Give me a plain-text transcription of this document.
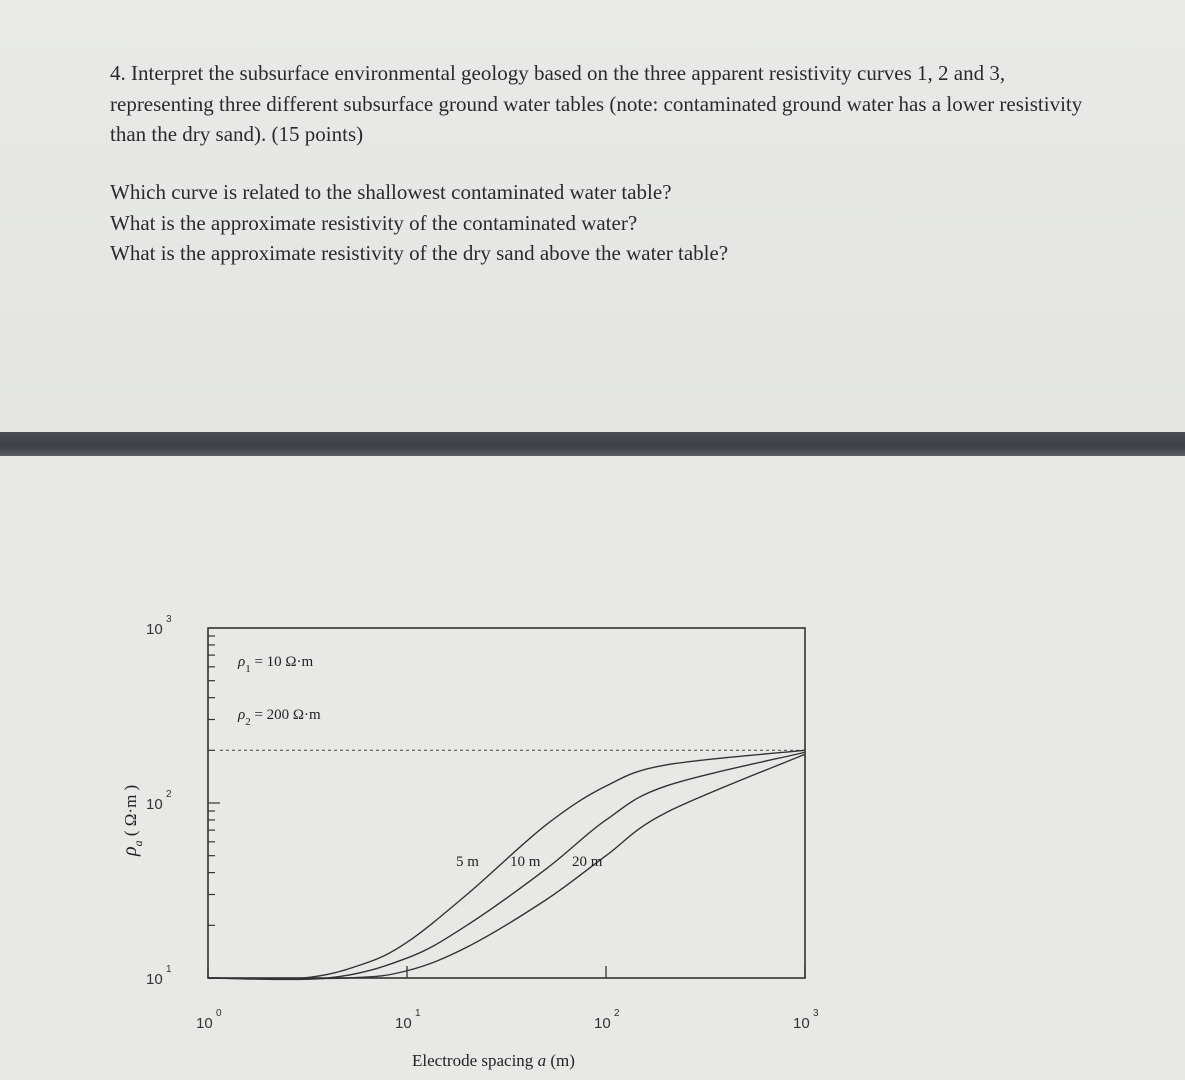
4. Interpret the subsurface environmental geology based on the three apparent resistivity curves 1, 2 and 3, representing three different subsurface ground water tables (note: contaminated ground water has a lower resistivity than the dry sand). (15 points)

Which curve is related to the shallowest contaminated water table?
What is the approximate resistivity of the contaminated water?
What is the approximate resistivity of the dry sand above the water table?
10
1
10
2
10
3
10
0
10
1
10
2
10
3
$\rho_1 = 10$ Ω·m
$\rho_2 = 200$ Ω·m
5 m 10 m 20 m
$\rho_a$ ( Ω·m )
Electrode spacing a (m)
